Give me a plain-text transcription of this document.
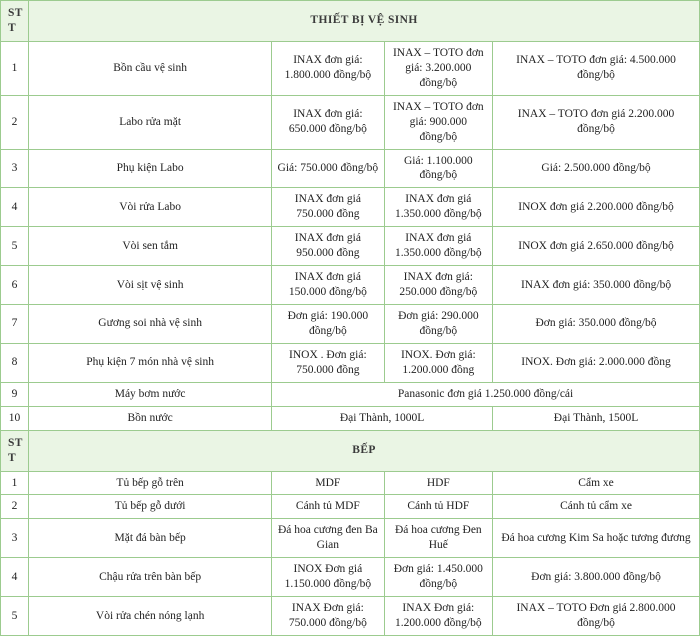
STT	THIẾT BỊ VỆ SINH			
1	Bồn cầu vệ sinh	INAX đơn giá: 1.800.000 đồng/bộ	INAX – TOTO đơn giá: 3.200.000 đồng/bộ	INAX – TOTO đơn giá: 4.500.000 đồng/bộ
2	Labo rửa mặt	INAX đơn giá: 650.000 đồng/bộ	INAX – TOTO đơn giá: 900.000 đồng/bộ	INAX – TOTO đơn giá 2.200.000 đồng/bộ
3	Phụ kiện Labo	Giá: 750.000 đồng/bộ	Giá: 1.100.000 đồng/bộ	Giá: 2.500.000 đồng/bộ
4	Vòi rửa Labo	INAX đơn giá 750.000 đồng	INAX đơn giá 1.350.000 đồng/bộ	INOX đơn giá 2.200.000 đồng/bộ
5	Vòi sen tắm	INAX đơn giá 950.000 đồng	INAX đơn giá 1.350.000 đồng/bộ	INOX đơn giá 2.650.000 đồng/bộ
6	Vòi sịt vệ sinh	INAX đơn giá 150.000 đồng/bộ	INAX đơn giá: 250.000 đồng/bộ	INAX đơn giá: 350.000 đồng/bộ
7	Gương soi nhà vệ sinh	Đơn giá: 190.000 đồng/bộ	Đơn giá: 290.000 đồng/bộ	Đơn giá: 350.000 đồng/bộ
8	Phụ kiện 7 món nhà vệ sinh	INOX . Đơn giá: 750.000 đồng	INOX. Đơn giá: 1.200.000 đồng	INOX. Đơn giá: 2.000.000 đồng
9	Máy bơm nước	Panasonic đơn giá 1.250.000 đồng/cái		
10	Bồn nước	Đại Thành, 1000L		Đại Thành, 1500L
STT	BẾP			
1	Tủ bếp gỗ trên	MDF	HDF	Cẩm xe
2	Tủ bếp gỗ dưới	Cánh tủ MDF	Cánh tủ HDF	Cánh tủ cẩm xe
3	Mặt đá bàn bếp	Đá hoa cương đen Ba Gian	Đá hoa cương Đen Huế	Đá hoa cương Kim Sa hoặc tương đương
4	Chậu rửa trên bàn bếp	INOX Đơn giá 1.150.000 đồng/bộ	Đơn giá: 1.450.000 đồng/bộ	Đơn giá: 3.800.000 đồng/bộ
5	Vòi rửa chén nóng lạnh	INAX Đơn giá: 750.000 đồng/bộ	INAX Đơn giá: 1.200.000 đồng/bộ	INAX – TOTO Đơn giá 2.800.000 đồng/bộ
